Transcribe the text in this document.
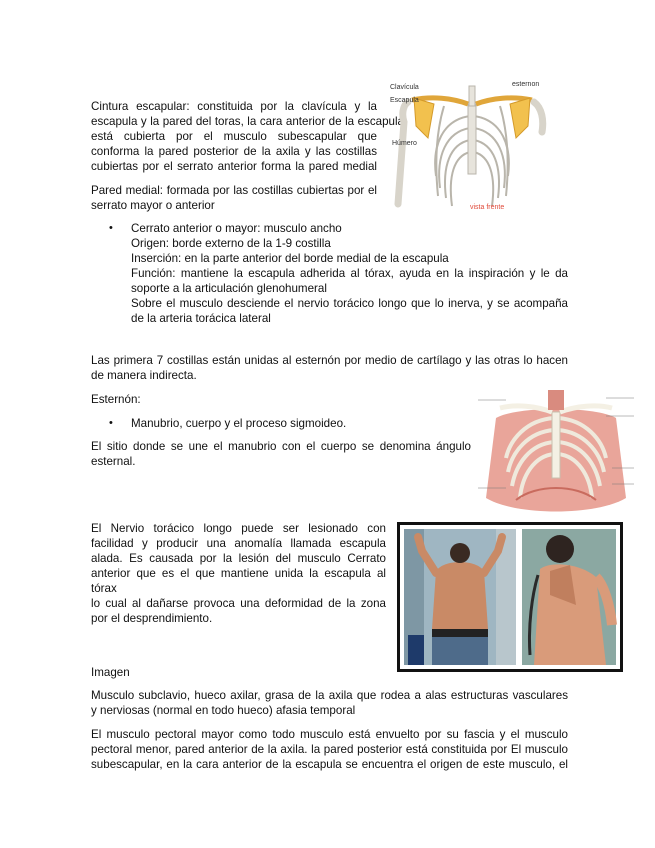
Cintura escapular: constituida por la clavícula y la
escapula y la pared del toras, la cara anterior de la escapula
está cubierta por el musculo subescapular que
conforma la pared posterior de la axila y las costillas
cubiertas por el serrato anterior forma la pared medial
Clavícula
Escapula
Húmero
esternon
vista frente
Pared medial: formada por las costillas cubiertas por el
serrato mayor o anterior
• Cerrato anterior o mayor: musculo ancho
Origen: borde externo de la 1-9 costilla
Inserción: en la parte anterior del borde medial de la escapula
Función: mantiene la escapula adherida al tórax, ayuda en la inspiración y le da
soporte a la articulación glenohumeral
Sobre el musculo desciende el nervio torácico longo que lo inerva, y se acompaña
de la arteria torácica lateral
Las primera 7 costillas están unidas al esternón por medio de cartílago y las otras lo hacen
de manera indirecta.
Esternón:
• Manubrio, cuerpo y el proceso sigmoideo.
El sitio donde se une el manubrio con el cuerpo se denomina ángulo
esternal.
El Nervio torácico longo puede ser lesionado con
facilidad y producir una anomalía llamada escapula
alada. Es causada por la lesión del musculo Cerrato
anterior que es el que mantiene unida la escapula al tórax
lo cual al dañarse provoca una deformidad de la zona
por el desprendimiento.
Imagen
Musculo subclavio, hueco axilar, grasa de la axila que rodea a alas estructuras vasculares
y nerviosas (normal en todo hueco) afasia temporal
El musculo pectoral mayor como todo musculo está envuelto por su fascia y el musculo
pectoral menor, pared anterior de la axila. la pared posterior está constituida por El musculo
subescapular, en la cara anterior de la escapula se encuentra el origen de este musculo, el
